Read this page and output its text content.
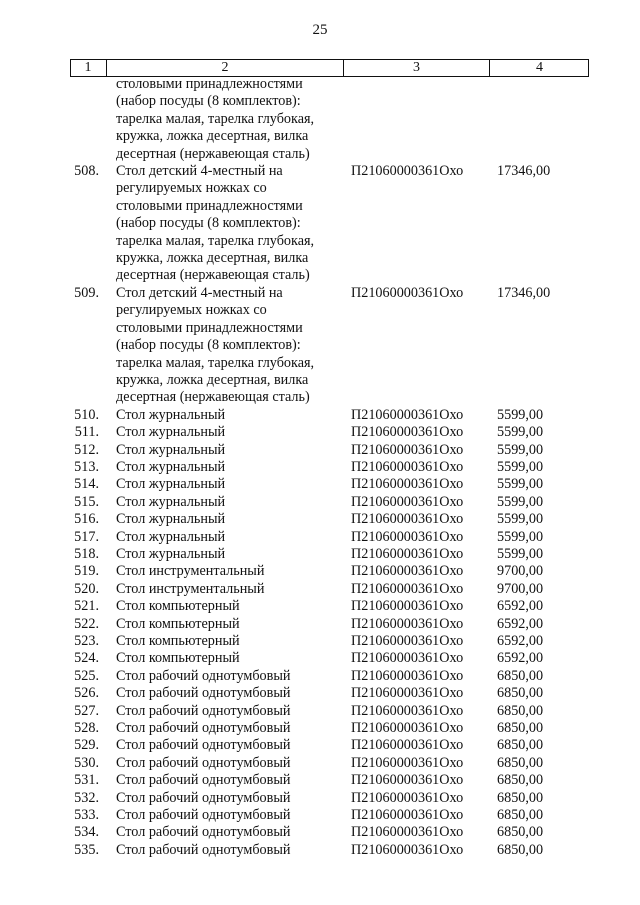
25
1	2	3	4
столовыми принадлежностями
(набор посуды (8 комплектов):
тарелка малая, тарелка глубокая,
кружка, ложка десертная, вилка
десертная (нержавеющая сталь)
508. Стол детский 4-местный на
регулируемых ножках со
столовыми принадлежностями
(набор посуды (8 комплектов):
тарелка малая, тарелка глубокая,
кружка, ложка десертная, вилка
десертная (нержавеющая сталь)
П21060000361Охо 17346,00
509. Стол детский 4-местный на
регулируемых ножках со
столовыми принадлежностями
(набор посуды (8 комплектов):
тарелка малая, тарелка глубокая,
кружка, ложка десертная, вилка
десертная (нержавеющая сталь)
П21060000361Охо 17346,00
510. Стол журнальный	П21060000361Охо 5599,00
511. Стол журнальный	П21060000361Охо 5599,00
512. Стол журнальный	П21060000361Охо 5599,00
513. Стол журнальный	П21060000361Охо 5599,00
514. Стол журнальный	П21060000361Охо 5599,00
515. Стол журнальный	П21060000361Охо 5599,00
516. Стол журнальный	П21060000361Охо 5599,00
517. Стол журнальный	П21060000361Охо 5599,00
518. Стол журнальный	П21060000361Охо 5599,00
519. Стол инструментальный	П21060000361Охо 9700,00
520. Стол инструментальный	П21060000361Охо 9700,00
521. Стол компьютерный	П21060000361Охо 6592,00
522. Стол компьютерный	П21060000361Охо 6592,00
523. Стол компьютерный	П21060000361Охо 6592,00
524. Стол компьютерный	П21060000361Охо 6592,00
525. Стол рабочий однотумбовый	П21060000361Охо 6850,00
526. Стол рабочий однотумбовый	П21060000361Охо 6850,00
527. Стол рабочий однотумбовый	П21060000361Охо 6850,00
528. Стол рабочий однотумбовый	П21060000361Охо 6850,00
529. Стол рабочий однотумбовый	П21060000361Охо 6850,00
530. Стол рабочий однотумбовый	П21060000361Охо 6850,00
531. Стол рабочий однотумбовый	П21060000361Охо 6850,00
532. Стол рабочий однотумбовый	П21060000361Охо 6850,00
533. Стол рабочий однотумбовый	П21060000361Охо 6850,00
534. Стол рабочий однотумбовый	П21060000361Охо 6850,00
535. Стол рабочий однотумбовый	П21060000361Охо 6850,00
